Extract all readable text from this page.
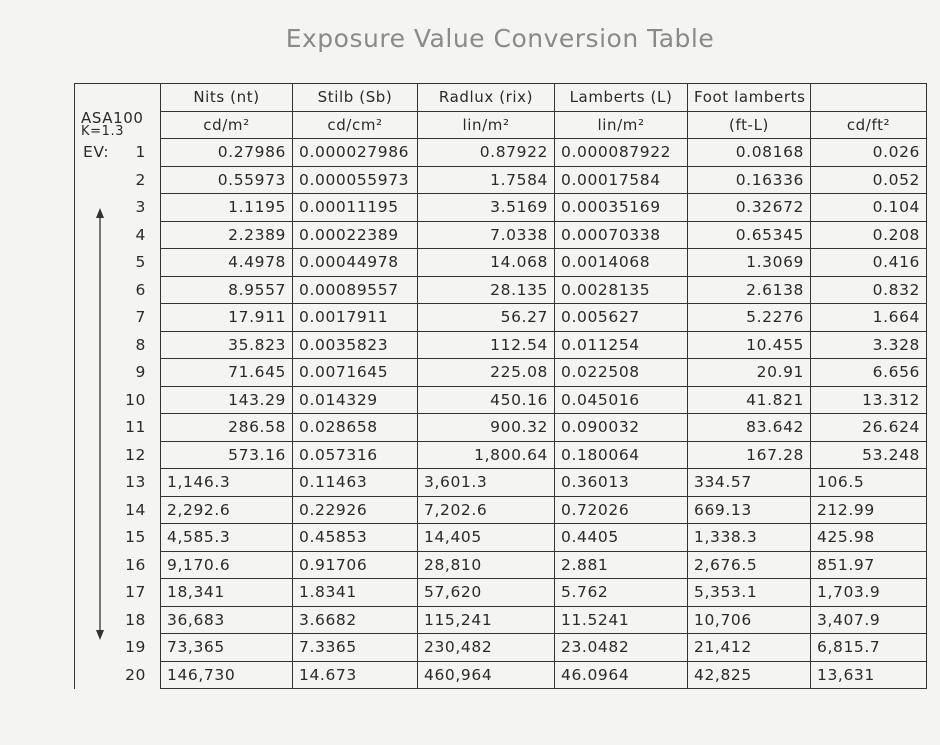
Exposure Value Conversion Table
ASA100
K=1.3	Nits (nt)	Stilb (Sb)	Radlux (rix)	Lamberts (L)	Foot lamberts	
	cd/m²	cd/cm²	lin/m²	lin/m²	(ft-L)	cd/ft²

EV: 1	0.27986	0.000027986	0.87922	0.000087922	0.08168	0.026
2	0.55973	0.000055973	1.7584	0.00017584	0.16336	0.052
3	1.1195	0.00011195	3.5169	0.00035169	0.32672	0.104
4	2.2389	0.00022389	7.0338	0.00070338	0.65345	0.208
5	4.4978	0.00044978	14.068	0.0014068	1.3069	0.416
6	8.9557	0.00089557	28.135	0.0028135	2.6138	0.832
7	17.911	0.0017911	56.27	0.005627	5.2276	1.664
8	35.823	0.0035823	112.54	0.011254	10.455	3.328
9	71.645	0.0071645	225.08	0.022508	20.91	6.656
10	143.29	0.014329	450.16	0.045016	41.821	13.312
11	286.58	0.028658	900.32	0.090032	83.642	26.624
12	573.16	0.057316	1,800.64	0.180064	167.28	53.248
13	1,146.3	0.11463	3,601.3	0.36013	334.57	106.5
14	2,292.6	0.22926	7,202.6	0.72026	669.13	212.99
15	4,585.3	0.45853	14,405	0.4405	1,338.3	425.98
16	9,170.6	0.91706	28,810	2.881	2,676.5	851.97
17	18,341	1.8341	57,620	5.762	5,353.1	1,703.9
18	36,683	3.6682	115,241	11.5241	10,706	3,407.9
19	73,365	7.3365	230,482	23.0482	21,412	6,815.7
20	146,730	14.673	460,964	46.0964	42,825	13,631
